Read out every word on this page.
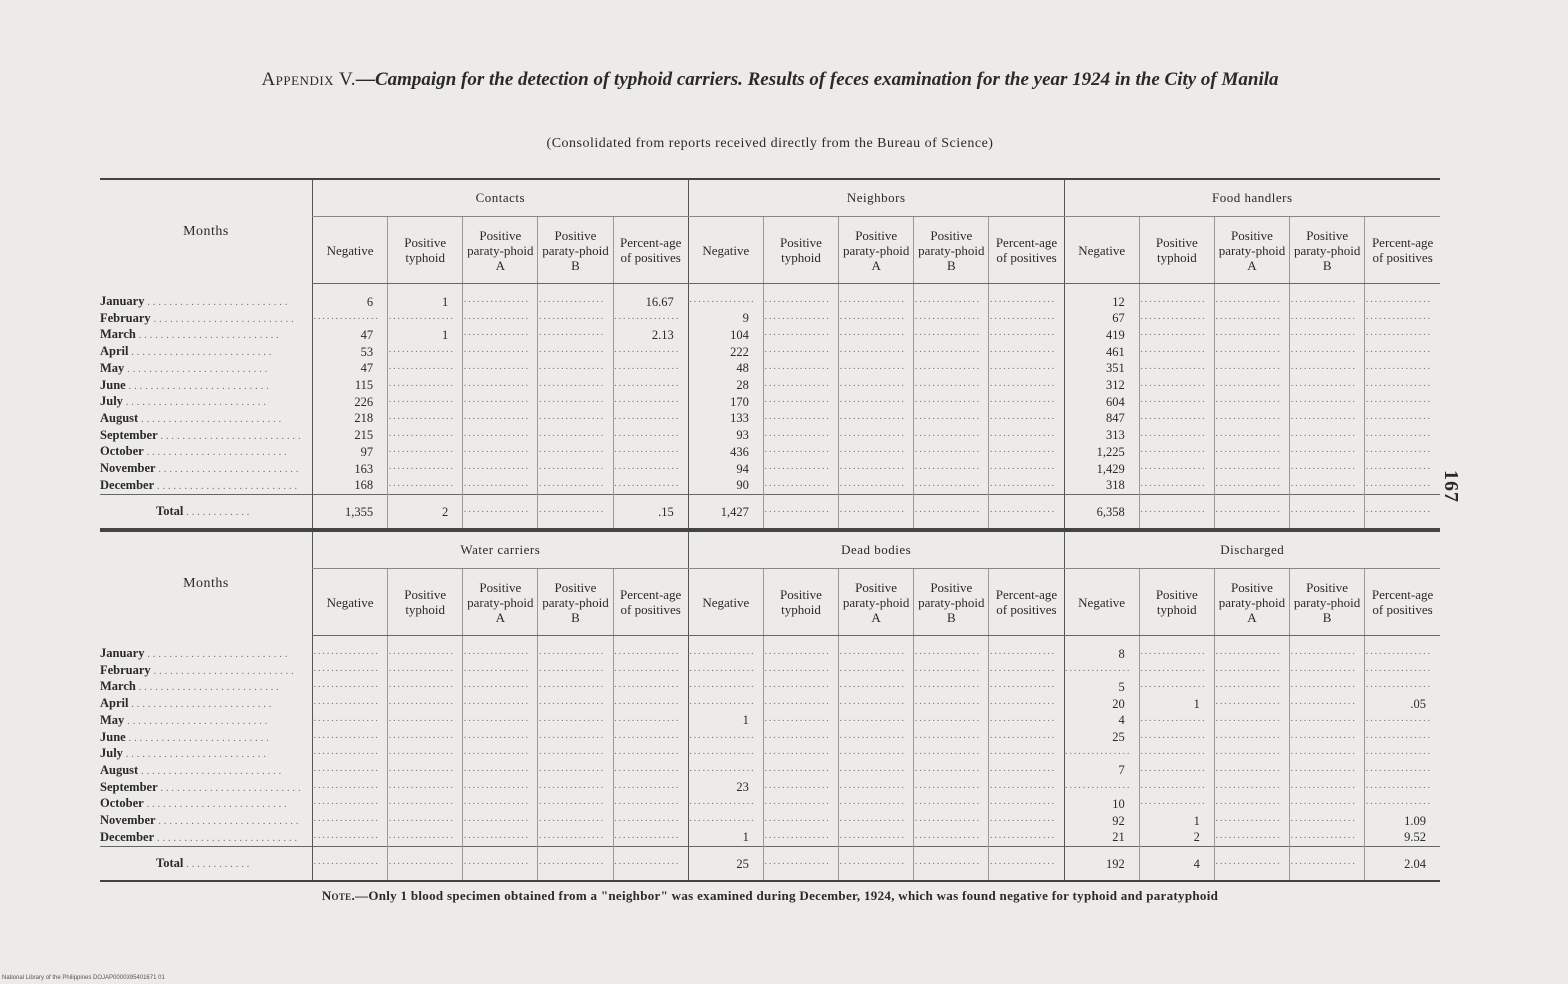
Appendix V.—Campaign for the detection of typhoid carriers. Results of feces examination for the year 1924 in the City of Manila
(Consolidated from reports received directly from the Bureau of Science)
Months	Contacts					Neighbors					Food handlers				
	Negative	Positive typhoid	Positive paraty-phoid A	Positive paraty-phoid B	Percent-age of positives	Negative	Positive typhoid	Positive paraty-phoid A	Positive paraty-phoid B	Percent-age of positives	Negative	Positive typhoid	Positive paraty-phoid A	Positive paraty-phoid B	Percent-age of positives
January . . .	6	1	· · ·	· · ·	16.67	· · ·	· · ·	· · ·	· · ·	· · ·	12	· · ·	· · ·	· · ·	· · ·
February . . .	· · ·	· · ·	· · ·	· · ·	· · ·	9	· · ·	· · ·	· · ·	· · ·	67	· · ·	· · ·	· · ·	· · ·
March . . .	47	1	· · ·	· · ·	2.13	104	· · ·	· · ·	· · ·	· · ·	419	· · ·	· · ·	· · ·	· · ·
April . . .	53	· · ·	· · ·	· · ·	· · ·	222	· · ·	· · ·	· · ·	· · ·	461	· · ·	· · ·	· · ·	· · ·
May . . .	47	· · ·	· · ·	· · ·	· · ·	48	· · ·	· · ·	· · ·	· · ·	351	· · ·	· · ·	· · ·	· · ·
June . . .	115	· · ·	· · ·	· · ·	· · ·	28	· · ·	· · ·	· · ·	· · ·	312	· · ·	· · ·	· · ·	· · ·
July . . .	226	· · ·	· · ·	· · ·	· · ·	170	· · ·	· · ·	· · ·	· · ·	604	· · ·	· · ·	· · ·	· · ·
August . . .	218	· · ·	· · ·	· · ·	· · ·	133	· · ·	· · ·	· · ·	· · ·	847	· · ·	· · ·	· · ·	· · ·
September . . .	215	· · ·	· · ·	· · ·	· · ·	93	· · ·	· · ·	· · ·	· · ·	313	· · ·	· · ·	· · ·	· · ·
October . . .	97	· · ·	· · ·	· · ·	· · ·	436	· · ·	· · ·	· · ·	· · ·	1,225	· · ·	· · ·	· · ·	· · ·
November . . .	163	· · ·	· · ·	· · ·	· · ·	94	· · ·	· · ·	· · ·	· · ·	1,429	· · ·	· · ·	· · ·	· · ·
December . . .	168	· · ·	· · ·	· · ·	· · ·	90	· · ·	· · ·	· · ·	· · ·	318	· · ·	· · ·	· · ·	· · ·
Total . . .	1,355	2	· · ·	· · ·	.15	1,427	· · ·	· · ·	· · ·	· · ·	6,358	· · ·	· · ·	· · ·	· · ·
Months	Water carriers					Dead bodies					Discharged				
	Negative	Positive typhoid	Positive paraty-phoid A	Positive paraty-phoid B	Percent-age of positives	Negative	Positive typhoid	Positive paraty-phoid A	Positive paraty-phoid B	Percent-age of positives	Negative	Positive typhoid	Positive paraty-phoid A	Positive paraty-phoid B	Percent-age of positives
January . . .	· · ·	· · ·	· · ·	· · ·	· · ·	· · ·	· · ·	· · ·	· · ·	· · ·	8	· · ·	· · ·	· · ·	· · ·
February . . .	· · ·	· · ·	· · ·	· · ·	· · ·	· · ·	· · ·	· · ·	· · ·	· · ·	· · ·	· · ·	· · ·	· · ·	· · ·
March . . .	· · ·	· · ·	· · ·	· · ·	· · ·	· · ·	· · ·	· · ·	· · ·	· · ·	5	· · ·	· · ·	· · ·	· · ·
April . . .	· · ·	· · ·	· · ·	· · ·	· · ·	· · ·	· · ·	· · ·	· · ·	· · ·	20	1	· · ·	· · ·	.05
May . . .	· · ·	· · ·	· · ·	· · ·	· · ·	1	· · ·	· · ·	· · ·	· · ·	4	· · ·	· · ·	· · ·	· · ·
June . . .	· · ·	· · ·	· · ·	· · ·	· · ·	· · ·	· · ·	· · ·	· · ·	· · ·	25	· · ·	· · ·	· · ·	· · ·
July . . .	· · ·	· · ·	· · ·	· · ·	· · ·	· · ·	· · ·	· · ·	· · ·	· · ·	· · ·	· · ·	· · ·	· · ·	· · ·
August . . .	· · ·	· · ·	· · ·	· · ·	· · ·	· · ·	· · ·	· · ·	· · ·	· · ·	7	· · ·	· · ·	· · ·	· · ·
September . . .	· · ·	· · ·	· · ·	· · ·	· · ·	23	· · ·	· · ·	· · ·	· · ·	· · ·	· · ·	· · ·	· · ·	· · ·
October . . .	· · ·	· · ·	· · ·	· · ·	· · ·	· · ·	· · ·	· · ·	· · ·	· · ·	10	· · ·	· · ·	· · ·	· · ·
November . . .	· · ·	· · ·	· · ·	· · ·	· · ·	· · ·	· · ·	· · ·	· · ·	· · ·	92	1	· · ·	· · ·	1.09
December . . .	· · ·	· · ·	· · ·	· · ·	· · ·	1	· · ·	· · ·	· · ·	· · ·	21	2	· · ·	· · ·	9.52
Total . . .	· · ·	· · ·	· · ·	· · ·	· · ·	25	· · ·	· · ·	· · ·	· · ·	192	4	· · ·	· · ·	2.04
167
Note.—Only 1 blood specimen obtained from a "neighbor" was examined during December, 1924, which was found negative for typhoid and paratyphoid
National Library of the Philippines DOJAP0000395401671 01
